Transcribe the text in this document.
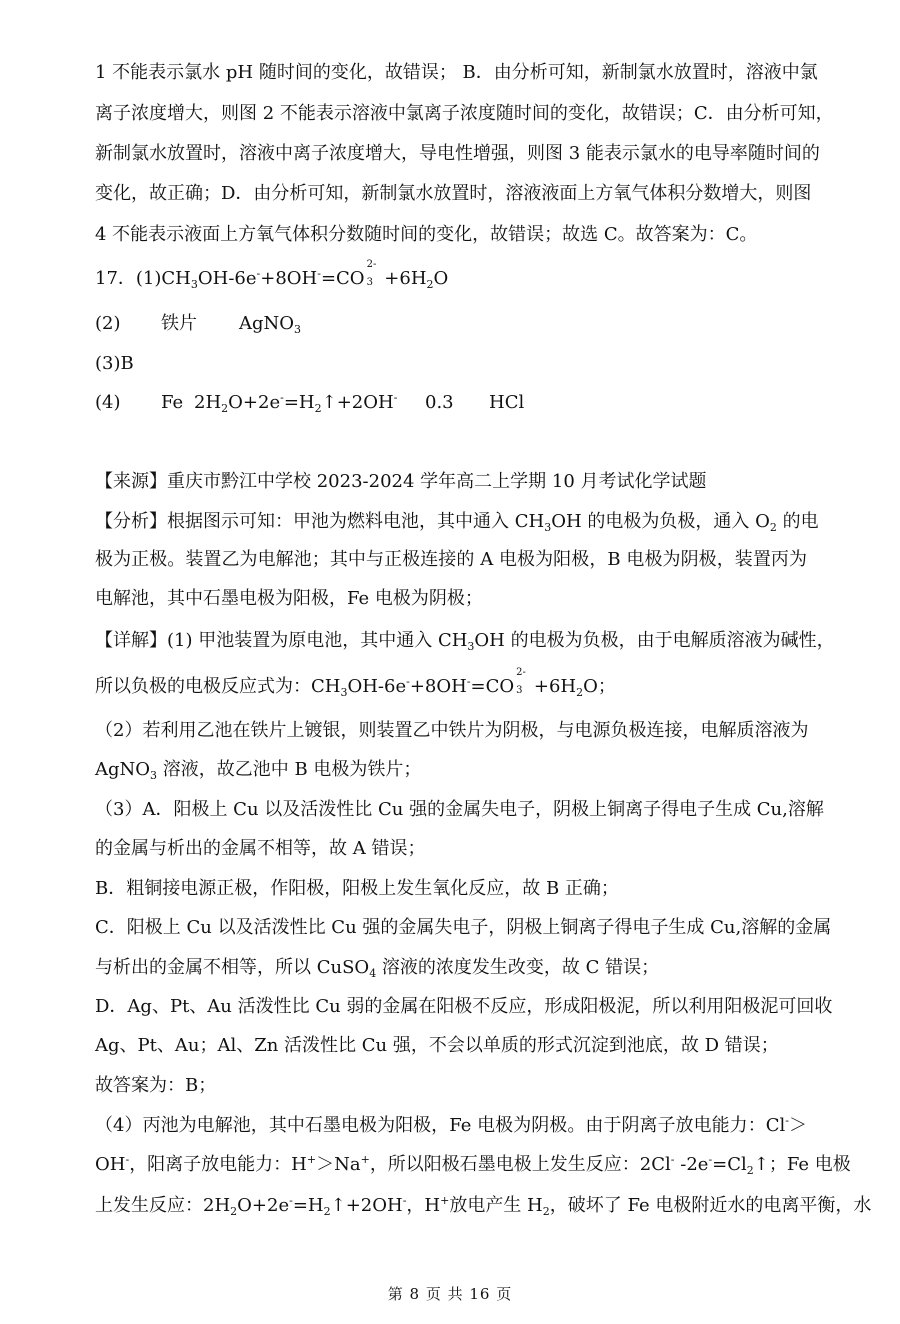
1 不能表示氯水 pH 随时间的变化，故错误； B．由分析可知，新制氯水放置时，溶液中氯
离子浓度增大，则图 2 不能表示溶液中氯离子浓度随时间的变化，故错误；C．由分析可知，
新制氯水放置时，溶液中离子浓度增大，导电性增强，则图 3 能表示氯水的电导率随时间的
变化，故正确；D．由分析可知，新制氯水放置时，溶液液面上方氧气体积分数增大，则图
4 不能表示液面上方氧气体积分数随时间的变化，故错误；故选 C。故答案为：C。
17．$(1)CH_3OH-6e^-+8OH^-=CO$
2-
$3 +6H_2O$
(2) 铁片 AgNO$_3$
(3)B
(4) Fe $2H_2O+2e^-=H_2↑+2OH^-$ 0.3 HCl
【来源】重庆市黔江中学校 2023-2024 学年高二上学期 10 月考试化学试题
【分析】根据图示可知：甲池为燃料电池，其中通入 $CH_3OH$ 的电极为负极，通入 $O_2$ 的电
极为正极。装置乙为电解池；其中与正极连接的 A 电极为阳极，B 电极为阴极，装置丙为
电解池，其中石墨电极为阳极，Fe 电极为阴极；
【详解】(1) 甲池装置为原电池，其中通入 $CH_3OH$ 的电极为负极，由于电解质溶液为碱性，
所以负极的电极反应式为：$CH_3OH-6e^-+8OH^-=CO$
2-
$3 +6H_2O$；
（2）若利用乙池在铁片上镀银，则装置乙中铁片为阴极，与电源负极连接，电解质溶液为
AgNO$_3$ 溶液，故乙池中 B 电极为铁片；
（3）A．阳极上 Cu 以及活泼性比 Cu 强的金属失电子，阴极上铜离子得电子生成 Cu,溶解
的金属与析出的金属不相等，故 A 错误；
B．粗铜接电源正极，作阳极，阳极上发生氧化反应，故 B 正确；
C．阳极上 Cu 以及活泼性比 Cu 强的金属失电子，阴极上铜离子得电子生成 Cu,溶解的金属
与析出的金属不相等，所以 CuSO$_4$ 溶液的浓度发生改变，故 C 错误；
D．Ag、Pt、Au 活泼性比 Cu 弱的金属在阳极不反应，形成阳极泥，所以利用阳极泥可回收
Ag、Pt、Au；Al、Zn 活泼性比 Cu 强，不会以单质的形式沉淀到池底，故 D 错误；
故答案为：B；
（4）丙池为电解池，其中石墨电极为阳极，Fe 电极为阴极。由于阴离子放电能力：Cl-＞
OH-，阳离子放电能力：H+＞Na+，所以阳极石墨电极上发生反应：2Cl- $-2e^-=Cl_2↑$；Fe 电极
上发生反应：$2H_2O+2e^-=H_2↑+2OH^-$，H+放电产生 $H_2$，破坏了 Fe 电极附近水的电离平衡，水
第 8 页 共 16 页
